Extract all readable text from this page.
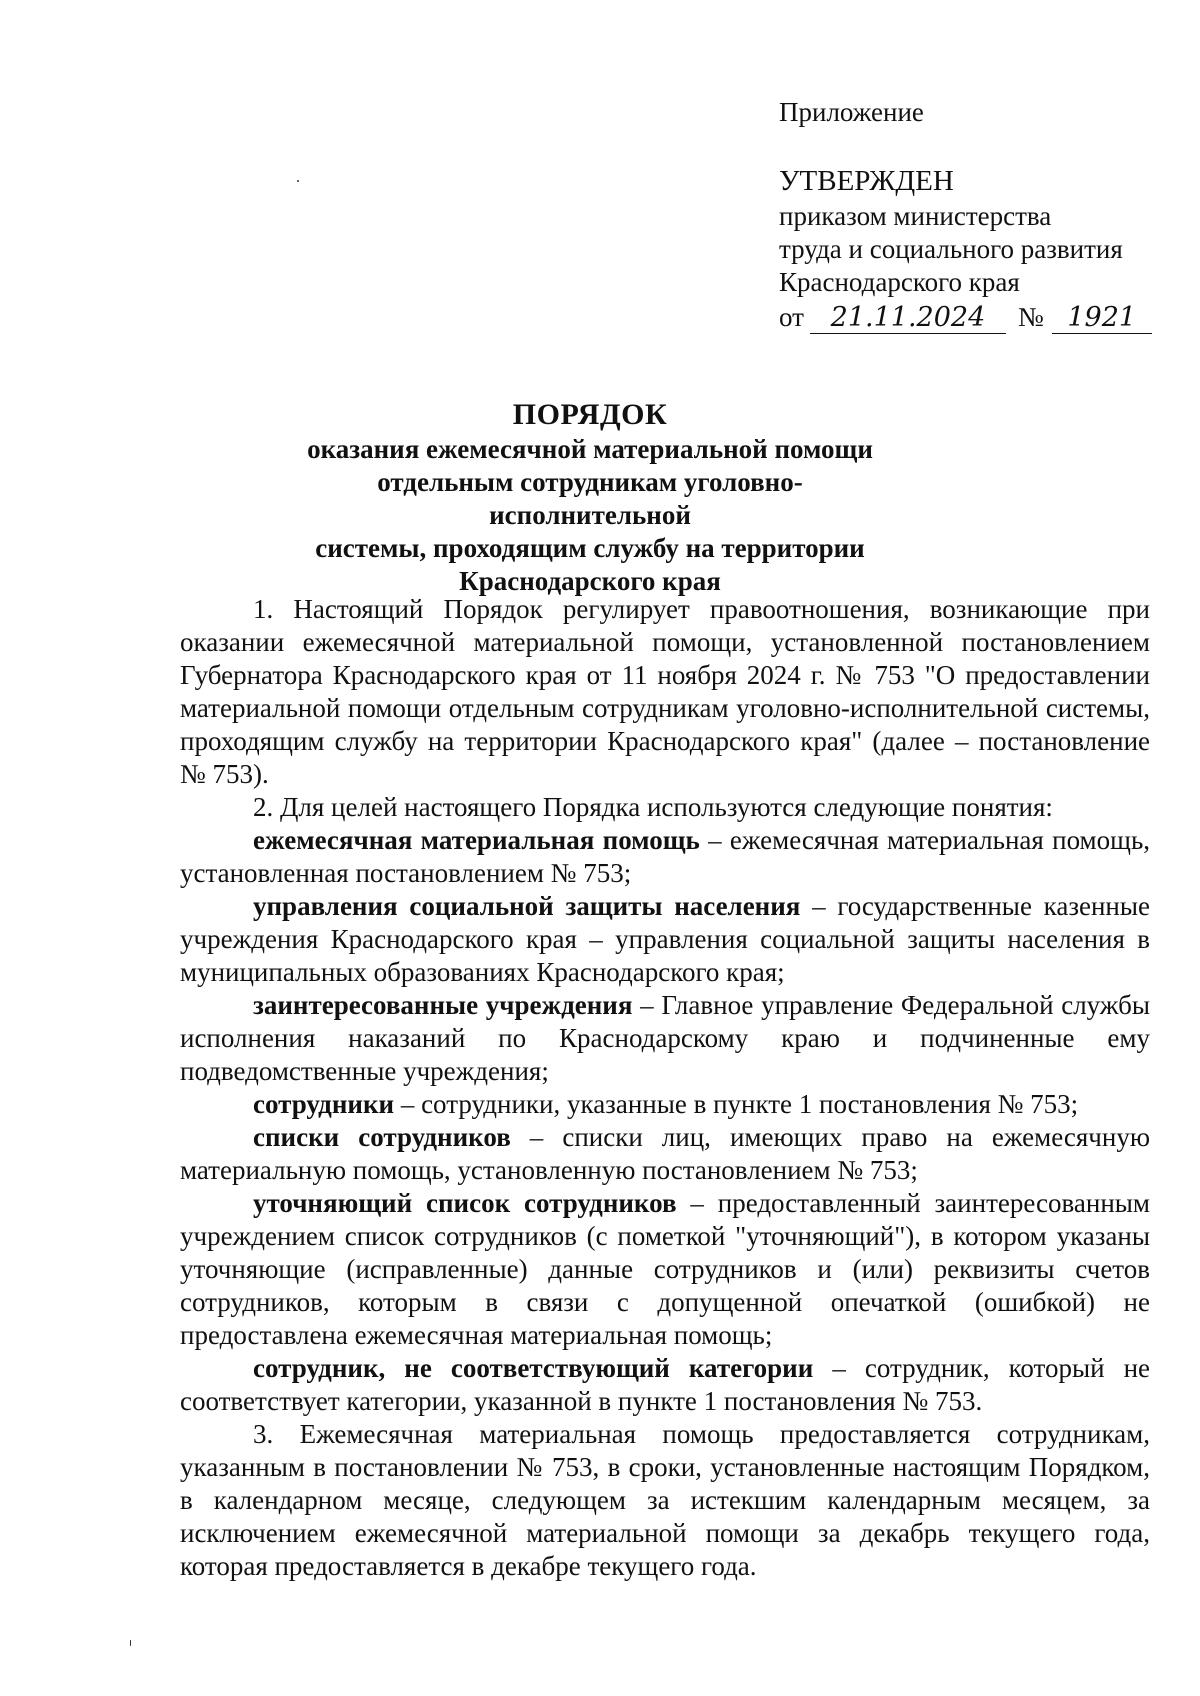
Приложение
УТВЕРЖДЕН
приказом министерства
труда и социального развития
Краснодарского края
от 21.11.2024	№ 1921
ПОРЯДОК
оказания ежемесячной материальной помощи
отдельным сотрудникам уголовно-исполнительной
системы, проходящим службу на территории
Краснодарского края

1. Настоящий Порядок регулирует правоотношения, возникающие при оказании ежемесячной материальной помощи, установленной постановлением Губернатора Краснодарского края от 11 ноября 2024 г. № 753 "О предоставлении материальной помощи отдельным сотрудникам уголовно-исполнительной системы, проходящим службу на территории Краснодарского края" (далее – постановление № 753).

2. Для целей настоящего Порядка используются следующие понятия:

ежемесячная материальная помощь – ежемесячная материальная помощь, установленная постановлением № 753;

управления социальной защиты населения – государственные казенные учреждения Краснодарского края – управления социальной защиты населения в муниципальных образованиях Краснодарского края;

заинтересованные учреждения – Главное управление Федеральной службы исполнения наказаний по Краснодарскому краю и подчиненные ему подведомственные учреждения;

сотрудники – сотрудники, указанные в пункте 1 постановления № 753;

списки сотрудников – списки лиц, имеющих право на ежемесячную материальную помощь, установленную постановлением № 753;

уточняющий список сотрудников – предоставленный заинтересованным учреждением список сотрудников (с пометкой "уточняющий"), в котором указаны уточняющие (исправленные) данные сотрудников и (или) реквизиты счетов сотрудников, которым в связи с допущенной опечаткой (ошибкой) не предоставлена ежемесячная материальная помощь;

сотрудник, не соответствующий категории – сотрудник, который не соответствует категории, указанной в пункте 1 постановления № 753.

3. Ежемесячная материальная помощь предоставляется сотрудникам, указанным в постановлении № 753, в сроки, установленные настоящим Порядком, в календарном месяце, следующем за истекшим календарным месяцем, за исключением ежемесячной материальной помощи за декабрь текущего года, которая предоставляется в декабре текущего года.
